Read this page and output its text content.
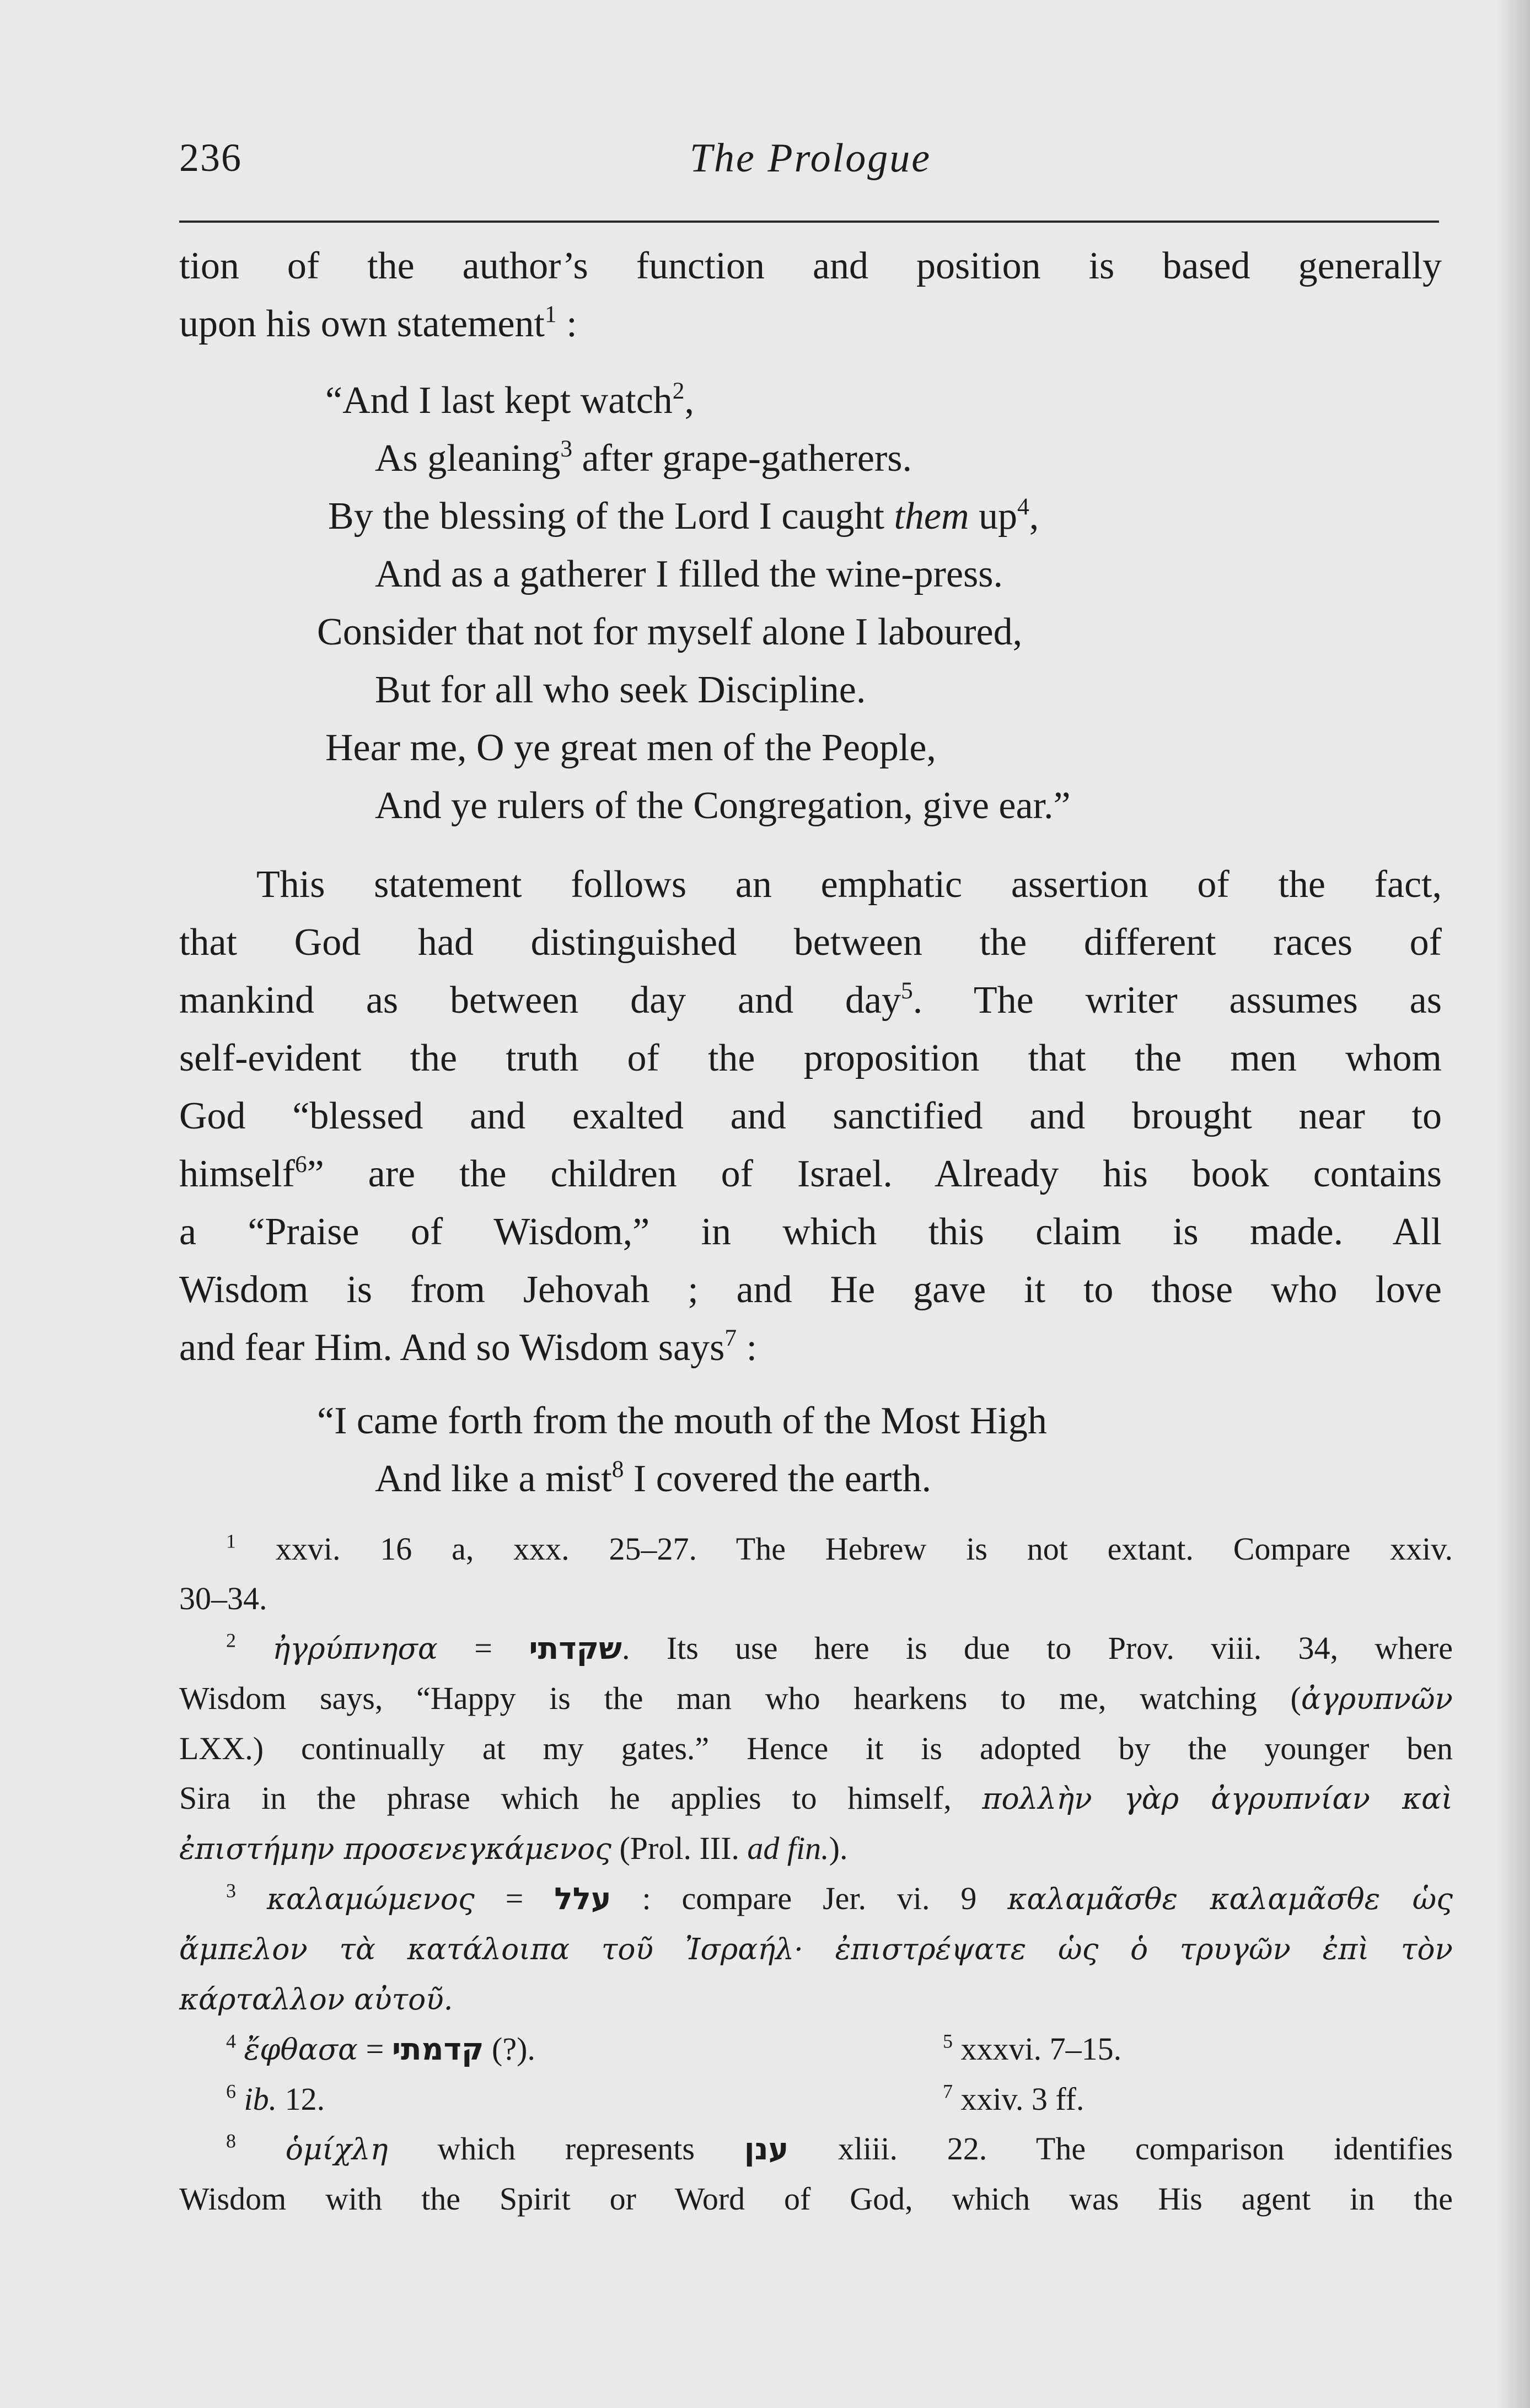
236	The Prologue

tion of the author’s function and position is based generally

upon his own statement$^1$ :

“And I last kept watch$^2$,
As gleaning$^3$ after grape-gatherers.
By the blessing of the Lord I caught them $up^4$,
And as a gatherer I filled the wine-press.
Consider that not for myself alone I laboured,
But for all who seek Discipline.
Hear me, O ye great men of the People,
And ye rulers of the Congregation, give ear.”

This statement follows an emphatic assertion of the fact,

that God had distinguished between the different races of

mankind as between day and day$^5$. The writer assumes as

self-evident the truth of the proposition that the men whom

God “blessed and exalted and sanctified and brought near to

himself$^6$” are the children of Israel. Already his book contains

a “Praise of Wisdom,” in which this claim is made. All

Wisdom is from Jehovah ; and He gave it to those who love

and fear Him. And so Wisdom says$^7$ :

“I came forth from the mouth of the Most High
And like a mist$^8$ I covered the earth.

$^1$ xxvi. 16 a, xxx. 25–27. The Hebrew is not extant. Compare xxiv.

30–34.

$^2$ ἠγρύπνησα = שקדתי. Its use here is due to Prov. viii. 34, where

Wisdom says, “Happy is the man who hearkens to me, watching (ἀγρυπνῶν

LXX.) continually at my gates.” Hence it is adopted by the younger ben

Sira in the phrase which he applies to himself, πολλὴν γὰρ ἀγρυπνίαν καὶ

ἐπιστήμην προσενεγκάμενος (Prol. III. ad fin.).

$^3$ καλαμώμενος = עלל : compare Jer. vi. 9 καλαμᾶσθε καλαμᾶσθε ὡς

ἄμπελον τὰ κατάλοιπα τοῦ Ἰσραήλ· ἐπιστρέψατε ὡς ὁ τρυγῶν ἐπὶ τὸν

κάρταλλον αὐτοῦ.

$^4$ ἔφθασα = קדמתי (?).	$^5$ xxxvi. 7–15.
$^6$ ib. 12.	$^7$ xxiv. 3 ff.

$^8$ ὁμίχλη which represents ענן xliii. 22. The comparison identifies

Wisdom with the Spirit or Word of God, which was His agent in the
